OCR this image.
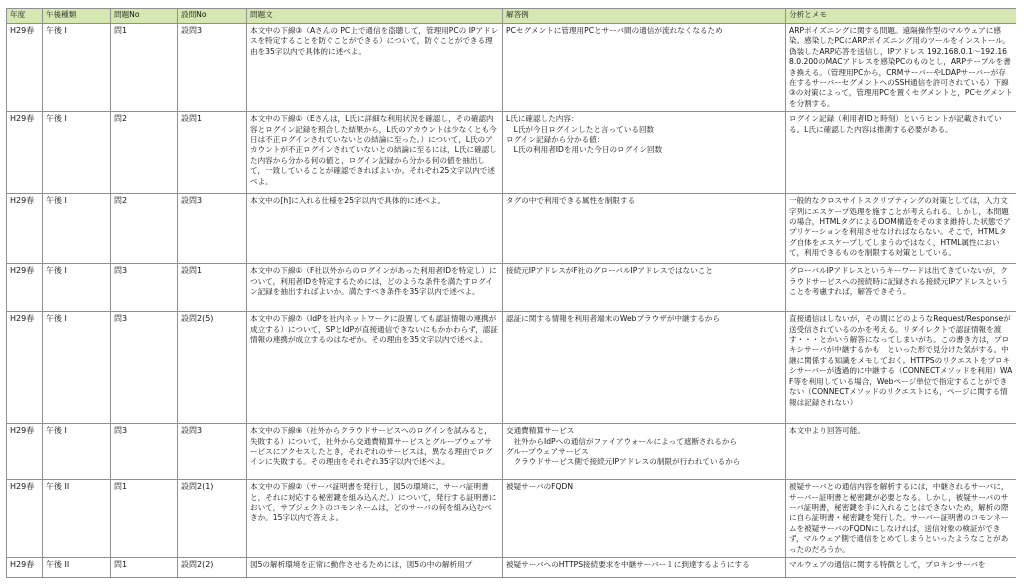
年度	午後種類	問題No	設問No	問題文	解答例	分析とメモ
H29春	午後 I	問1	設問3	本文中の下線③（Aさんの PC上で通信を盗聴して，管理用PCの IPアドレスを特定することを防ぐことができる）について，防ぐことができる理由を35字以内で具体的に述べよ。	PCセグメントに管理用PCとサーバ間の通信が流れなくなるため	ARPポイズニングに関する問題。遠隔操作型のマルウェアに感染。感染したPCにARPポイズニング用のツールをインストール。偽装したARP応答を送信し，IPアドレス 192.168.0.1～192.168.0.200のMACアドレスを感染PCのものとし，ARPテーブルを書き換える。（管理用PCから，CRMサーバーやLDAPサーバーが存在するサーバーセグメントへのSSH通信を許可されている）下線③の対策によって，管理用PCを置くセグメントと，PCセグメントを分割する。
H29春	午後 I	問2	設問1	本文中の下線①（Eさんは，L氏に詳細な利用状況を確認し，その確認内容とログイン記録を照合した結果から，L氏のアカウントは少なくとも今日は不正ログインされていないとの結論に至った。）について，L氏のアカウントが不正ログインされていないとの結論に至るには，L氏に確認した内容から分かる何の値と，ログイン記録から分かる何の値を抽出して，一致していることが確認できればよいか。それぞれ25文字以内で述べよ。	L氏に確認した内容：
　L氏が今日ログインしたと言っている回数
ログイン記録から分かる値：
　L氏の利用者IDを用いた今日のログイン回数	ログイン記録（利用者IDと時刻）というヒントが記載されている。L氏に確認した内容は推測する必要がある。
H29春	午後 I	問2	設問3	本文中の[h]に入れる仕様を25字以内で具体的に述べよ。	タグの中で利用できる属性を制限する	一般的なクロスサイトスクリプティングの対策としては，入力文字列にエスケープ処理を施すことが考えられる。しかし，本問題の場合，HTMLタグによるDOM構造をそのまま維持した状態でアプリケーションを利用させなければならない。そこで，HTMLタグ自体をエスケープしてしまうのではなく，HTML属性において，利用できるものを制限する対策としている。
H29春	午後 I	問3	設問1	本文中の下線①（F社以外からのログインがあった利用者IDを特定し）について，利用者IDを特定するためには，どのような条件を満たすログイン記録を抽出すればよいか。満たすべき条件を35字以内で述べよ。	接続元IPアドレスがF社のグローバルIPアドレスではないこと	グローバルIPアドレスというキーワードは出てきていないが，クラウドサービスへの接続時に記録される接続元IPアドレスということを考慮すれば，解答できそう。
H29春	午後 I	問3	設問2(5)	本文中の下線⑦（IdPを社内ネットワークに設置しても認証情報の連携が成立する）について，SPとIdPが直接通信できないにもかかわらず，認証情報の連携が成立するのはなぜか。その理由を35文字以内で述べよ。	認証に関する情報を利用者端末のWebブラウザが中継するから	直接通信はしないが，その間にどのようなRequest/Responseが送受信されているのかを考える。リダイレクトで認証情報を渡す・・・とかいう解答になってしまいがち。この書き方は，プロキシサーバが中継するかも　といった形で見分けた気がする。中継に関係する知識をメモしておく。HTTPSのリクエストをプロキシサーバーが透過的に中継する（CONNECTメソッドを利用）WAF等を利用している場合，Webページ単位で指定することができない（CONNECTメソッドのリクエストにも，ページに関する情報は記録されない）
H29春	午後 I	問3	設問3	本文中の下線⑨（社外からクラウドサービスへのログインを試みると，失敗する）について，社外から交通費精算サービスとグループウェアサービスにアクセスしたとき，それぞれのサービスは，異なる理由でログインに失敗する。その理由をそれぞれ35字以内で述べよ。	交通費精算サービス
　社外からIdPへの通信がファイアウォールによって遮断されるから
グループウェアサービス
　クラウドサービス側で接続元IPアドレスの制限が行われているから	本文中より回答可能。
H29春	午後 II	問1	設問2(1)	本文中の下線②（サーバ証明書を発行し，図5の環境に，サーバ証明書と，それに対応する秘密鍵を組み込んだ。）について，発行する証明書において，サブジェクトのコモンネームは，どのサーバの何を組み込むべきか。15字以内で答えよ。	被疑サーバのFQDN	被疑サーバとの通信内容を解析するには，中継されるサーバに，サーバー証明書と秘密鍵が必要となる。しかし，被疑サーバのサーバ証明書，秘密鍵を手に入れることはできないため，解析の際に自ら証明書・秘密鍵を発行した。サーバー証明書のコモンネームを被疑サーバのFQDNにしなければ，送信対象の検証ができず，マルウェア側で通信をとめてしまうといったようなことがあったのだろうか。
H29春	午後 II	問1	設問2(2)	図5の解析環境を正常に動作させるためには，図5の中の解析用プ	被疑サーバへのHTTPS接続要求を中継サーバー１に到達するようにする	マルウェアの通信に関する特徴として，プロキシサーバを
